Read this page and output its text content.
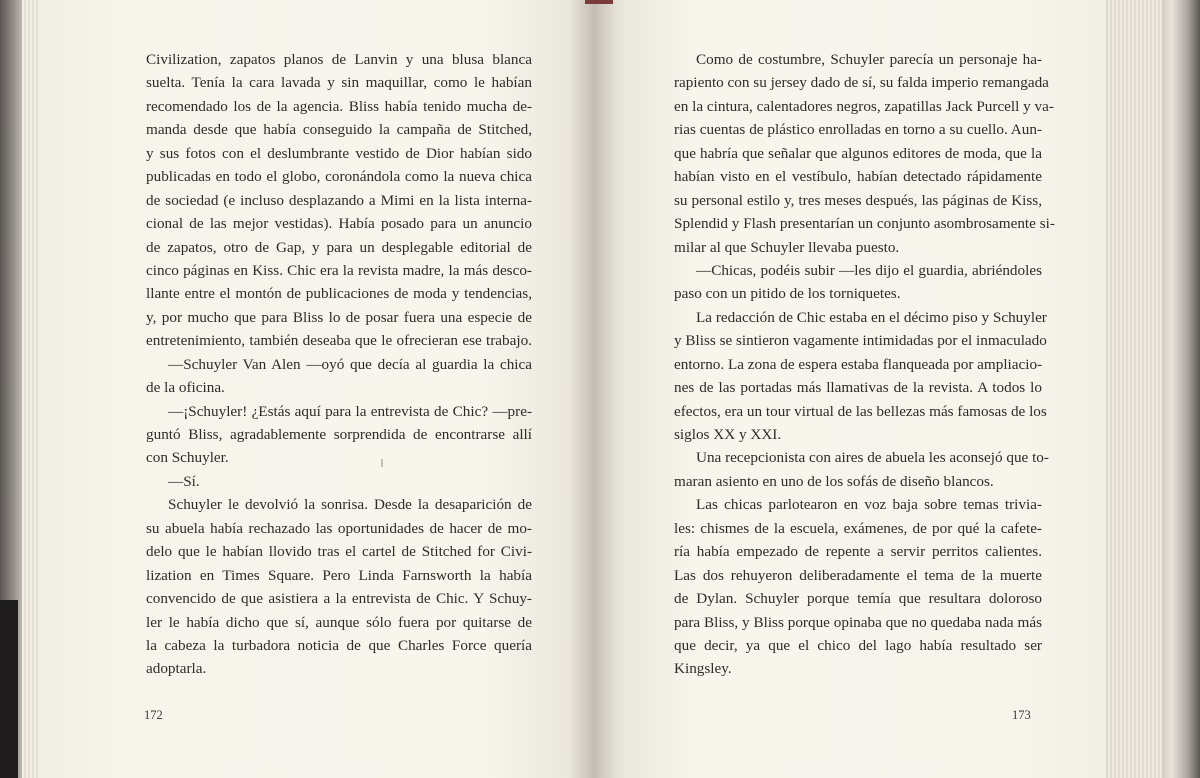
Civilization, zapatos planos de Lanvin y una blusa blanca
suelta. Tenía la cara lavada y sin maquillar, como le habían
recomendado los de la agencia. Bliss había tenido mucha de-
manda desde que había conseguido la campaña de Stitched,
y sus fotos con el deslumbrante vestido de Dior habían sido
publicadas en todo el globo, coronándola como la nueva chica
de sociedad (e incluso desplazando a Mimi en la lista interna-
cional de las mejor vestidas). Había posado para un anuncio
de zapatos, otro de Gap, y para un desplegable editorial de
cinco páginas en Kiss. Chic era la revista madre, la más desco-
llante entre el montón de publicaciones de moda y tendencias,
y, por mucho que para Bliss lo de posar fuera una especie de
entretenimiento, también deseaba que le ofrecieran ese trabajo.
—Schuyler Van Alen —oyó que decía al guardia la chica
de la oficina.
—¡Schuyler! ¿Estás aquí para la entrevista de Chic? —pre-
guntó Bliss, agradablemente sorprendida de encontrarse allí
con Schuyler.
—Sí.
Schuyler le devolvió la sonrisa. Desde la desaparición de
su abuela había rechazado las oportunidades de hacer de mo-
delo que le habían llovido tras el cartel de Stitched for Civi-
lization en Times Square. Pero Linda Farnsworth la había
convencido de que asistiera a la entrevista de Chic. Y Schuy-
ler le había dicho que sí, aunque sólo fuera por quitarse de
la cabeza la turbadora noticia de que Charles Force quería
adoptarla.
172
Como de costumbre, Schuyler parecía un personaje ha-
rapiento con su jersey dado de sí, su falda imperio remangada
en la cintura, calentadores negros, zapatillas Jack Purcell y va-
rias cuentas de plástico enrolladas en torno a su cuello. Aun-
que habría que señalar que algunos editores de moda, que la
habían visto en el vestíbulo, habían detectado rápidamente
su personal estilo y, tres meses después, las páginas de Kiss,
Splendid y Flash presentarían un conjunto asombrosamente si-
milar al que Schuyler llevaba puesto.
—Chicas, podéis subir —les dijo el guardia, abriéndoles
paso con un pitido de los torniquetes.
La redacción de Chic estaba en el décimo piso y Schuyler
y Bliss se sintieron vagamente intimidadas por el inmaculado
entorno. La zona de espera estaba flanqueada por ampliacio-
nes de las portadas más llamativas de la revista. A todos lo
efectos, era un tour virtual de las bellezas más famosas de los
siglos XX y XXI.
Una recepcionista con aires de abuela les aconsejó que to-
maran asiento en uno de los sofás de diseño blancos.
Las chicas parlotearon en voz baja sobre temas trivia-
les: chismes de la escuela, exámenes, de por qué la cafete-
ría había empezado de repente a servir perritos calientes.
Las dos rehuyeron deliberadamente el tema de la muerte
de Dylan. Schuyler porque temía que resultara doloroso
para Bliss, y Bliss porque opinaba que no quedaba nada más
que decir, ya que el chico del lago había resultado ser
Kingsley.
173
